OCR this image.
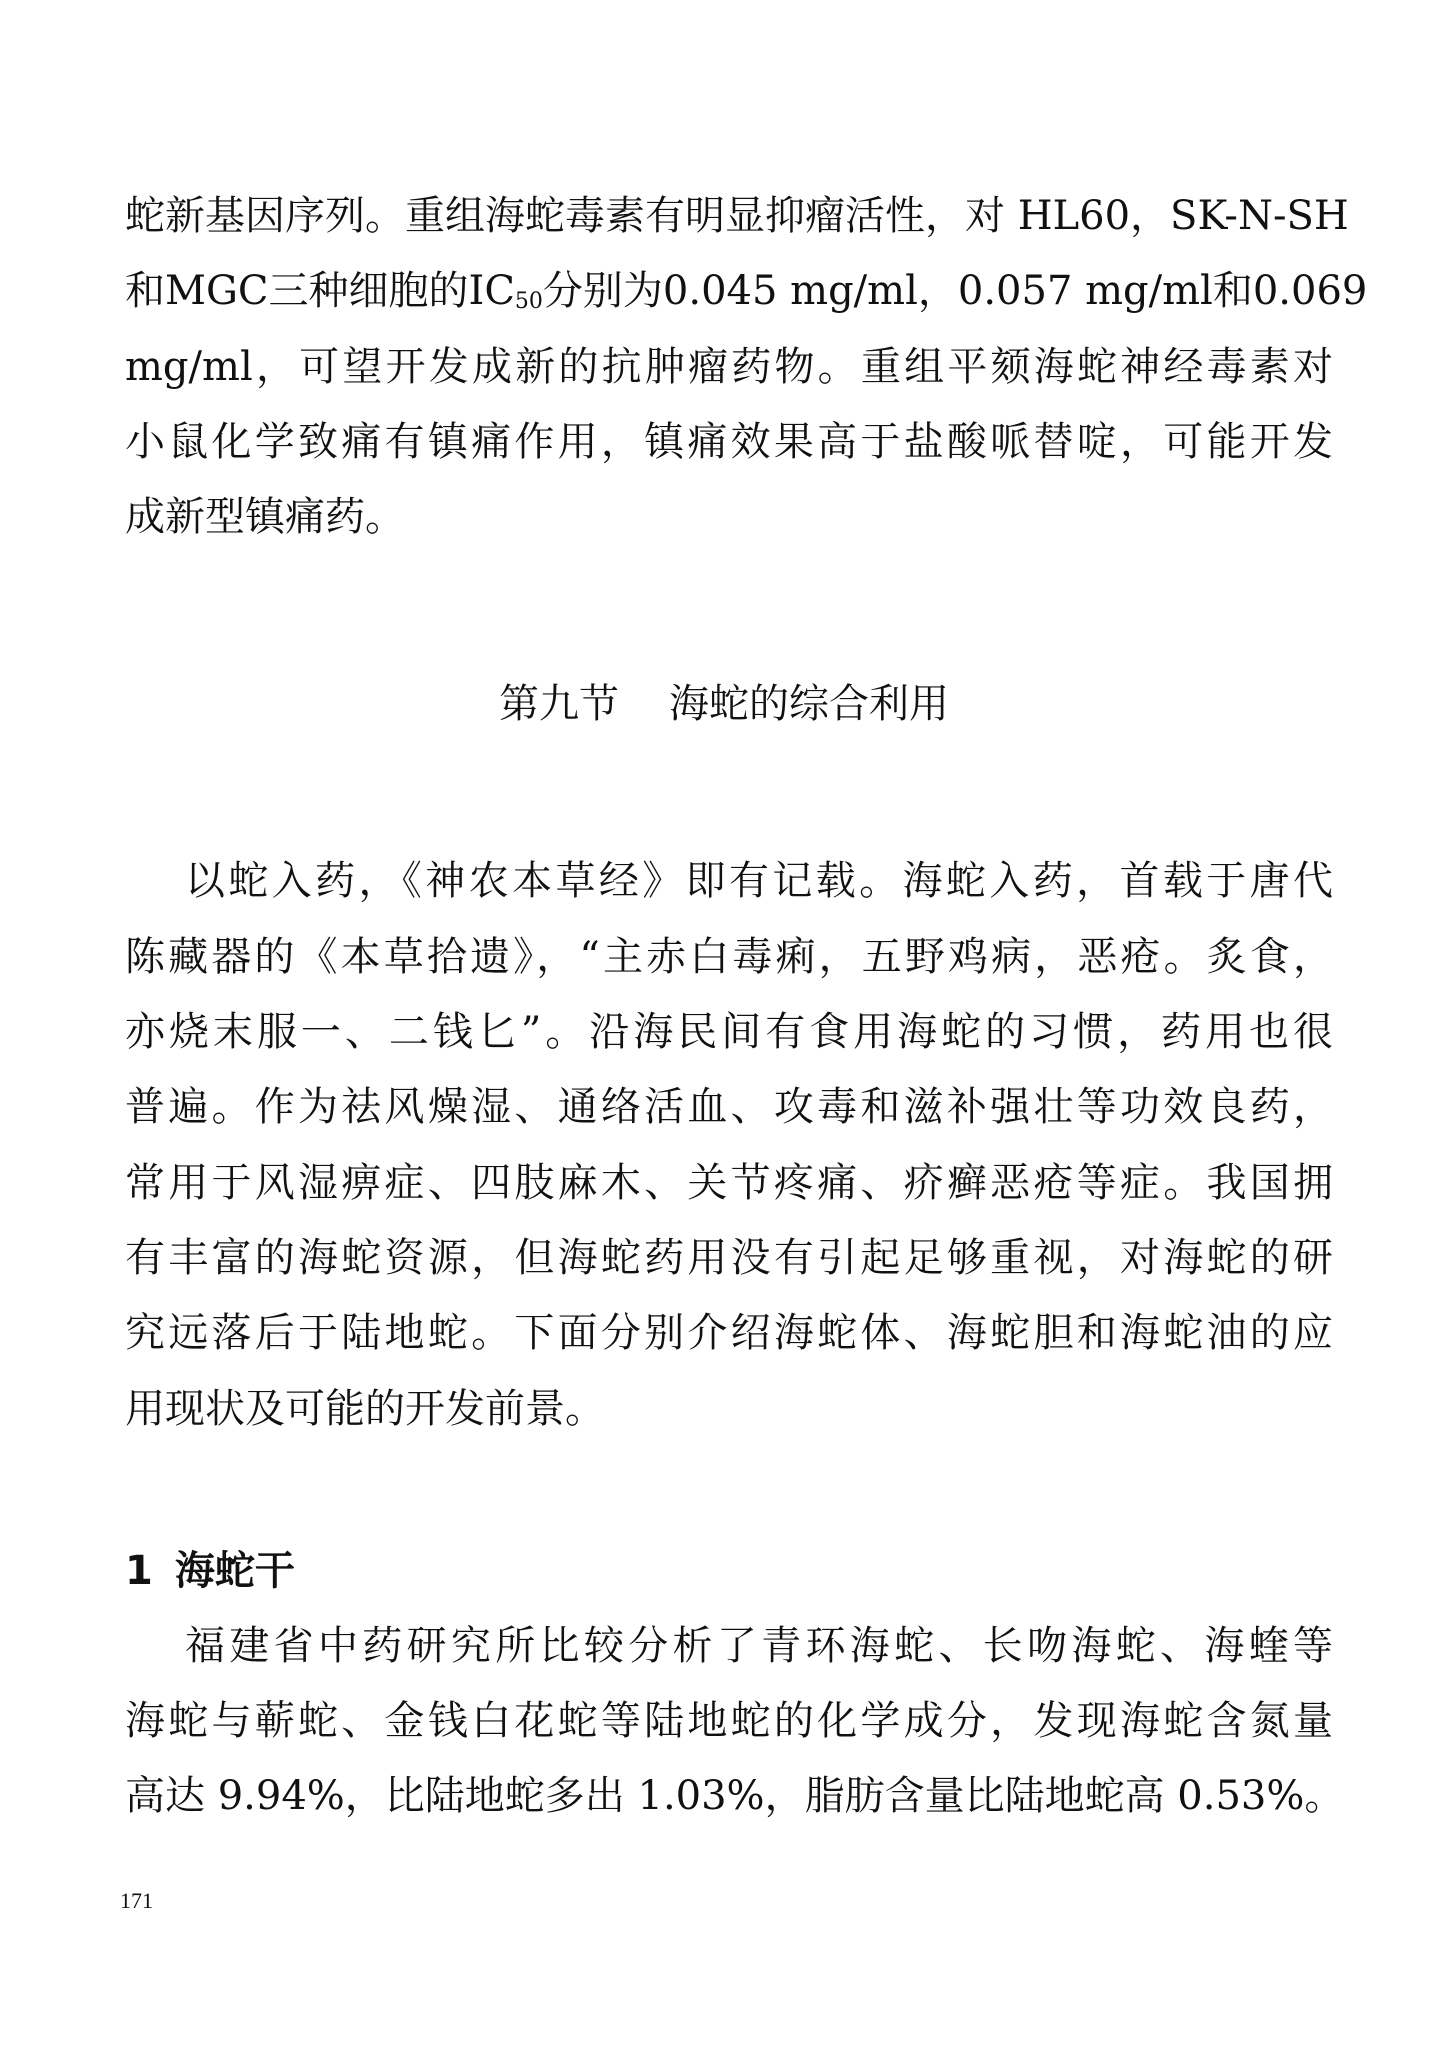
蛇新基因序列。重组海蛇毒素有明显抑瘤活性，对 HL60，SK-N-SH
和MGC三种细胞的$IC_{50}$分别为0.045 mg/ml，0.057 mg/ml和0.069
mg/ml，可望开发成新的抗肿瘤药物。重组平颏海蛇神经毒素对
小鼠化学致痛有镇痛作用，镇痛效果高于盐酸哌替啶，可能开发
成新型镇痛药。
第九节 海蛇的综合利用
以蛇入药，《神农本草经》即有记载。海蛇入药，首载于唐代
陈藏器的《本草拾遗》，“主赤白毒痢，五野鸡病，恶疮。炙食，
亦烧末服一、二钱匕”。沿海民间有食用海蛇的习惯，药用也很
普遍。作为祛风燥湿、通络活血、攻毒和滋补强壮等功效良药，
常用于风湿痹症、四肢麻木、关节疼痛、疥癣恶疮等症。我国拥
有丰富的海蛇资源，但海蛇药用没有引起足够重视，对海蛇的研
究远落后于陆地蛇。下面分别介绍海蛇体、海蛇胆和海蛇油的应
用现状及可能的开发前景。
1 海蛇干
福建省中药研究所比较分析了青环海蛇、长吻海蛇、海蝰等
海蛇与蕲蛇、金钱白花蛇等陆地蛇的化学成分，发现海蛇含氮量
高达 9.94%，比陆地蛇多出 1.03%，脂肪含量比陆地蛇高 0.53%。
171
